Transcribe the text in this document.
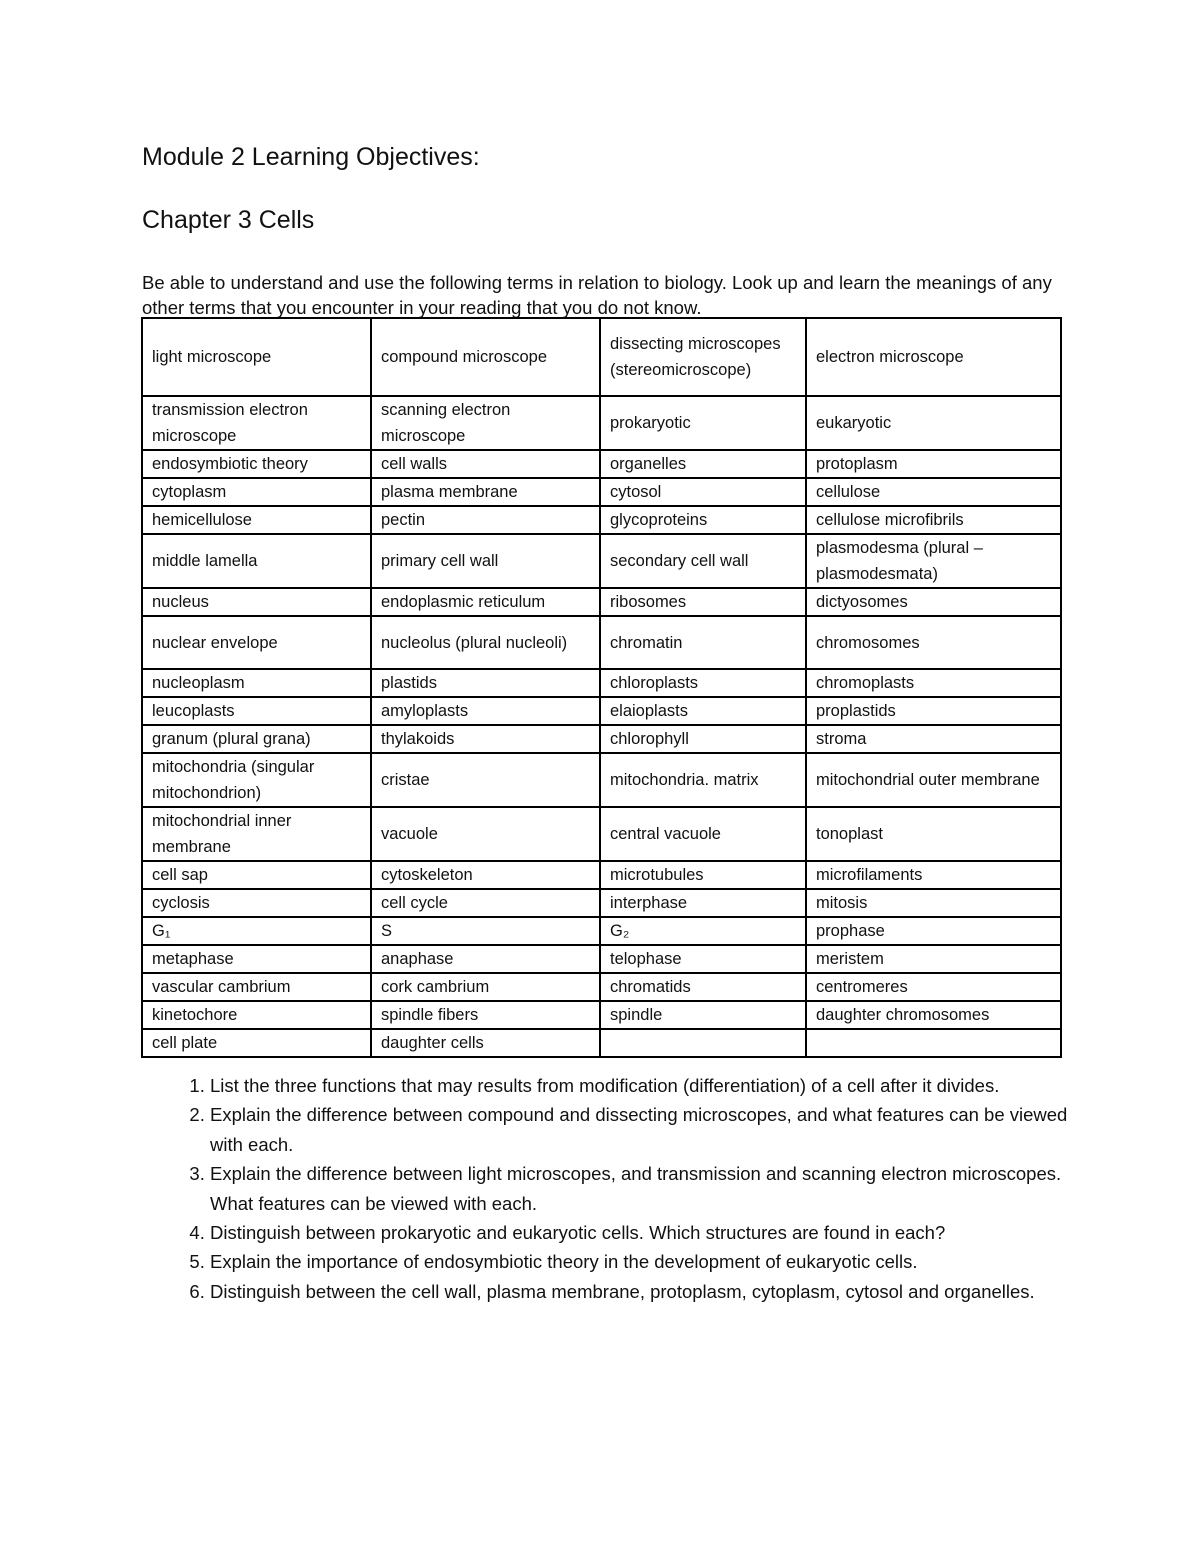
Module 2 Learning Objectives:
Chapter 3 Cells

Be able to understand and use the following terms in relation to biology. Look up and learn the meanings of any other terms that you encounter in your reading that you do not know.

light microscope	compound microscope	dissecting microscopes (stereomicroscope)	electron microscope
transmission electron microscope	scanning electron microscope	prokaryotic	eukaryotic
endosymbiotic theory	cell walls	organelles	protoplasm
cytoplasm	plasma membrane	cytosol	cellulose
hemicellulose	pectin	glycoproteins	cellulose microfibrils
middle lamella	primary cell wall	secondary cell wall	plasmodesma (plural – plasmodesmata)
nucleus	endoplasmic reticulum	ribosomes	dictyosomes
nuclear envelope	nucleolus (plural nucleoli)	chromatin	chromosomes
nucleoplasm	plastids	chloroplasts	chromoplasts
leucoplasts	amyloplasts	elaioplasts	proplastids
granum (plural grana)	thylakoids	chlorophyll	stroma
mitochondria (singular mitochondrion)	cristae	mitochondria. matrix	mitochondrial outer membrane
mitochondrial inner membrane	vacuole	central vacuole	tonoplast
cell sap	cytoskeleton	microtubules	microfilaments
cyclosis	cell cycle	interphase	mitosis
G₁	S	G₂	prophase
metaphase	anaphase	telophase	meristem
vascular cambrium	cork cambrium	chromatids	centromeres
kinetochore	spindle fibers	spindle	daughter chromosomes
cell plate	daughter cells		
1. List the three functions that may results from modification (differentiation) of a cell after it divides.
2. Explain the difference between compound and dissecting microscopes, and what features can be viewed with each.
3. Explain the difference between light microscopes, and transmission and scanning electron microscopes. What features can be viewed with each.
4. Distinguish between prokaryotic and eukaryotic cells. Which structures are found in each?
5. Explain the importance of endosymbiotic theory in the development of eukaryotic cells.
6. Distinguish between the cell wall, plasma membrane, protoplasm, cytoplasm, cytosol and organelles.
